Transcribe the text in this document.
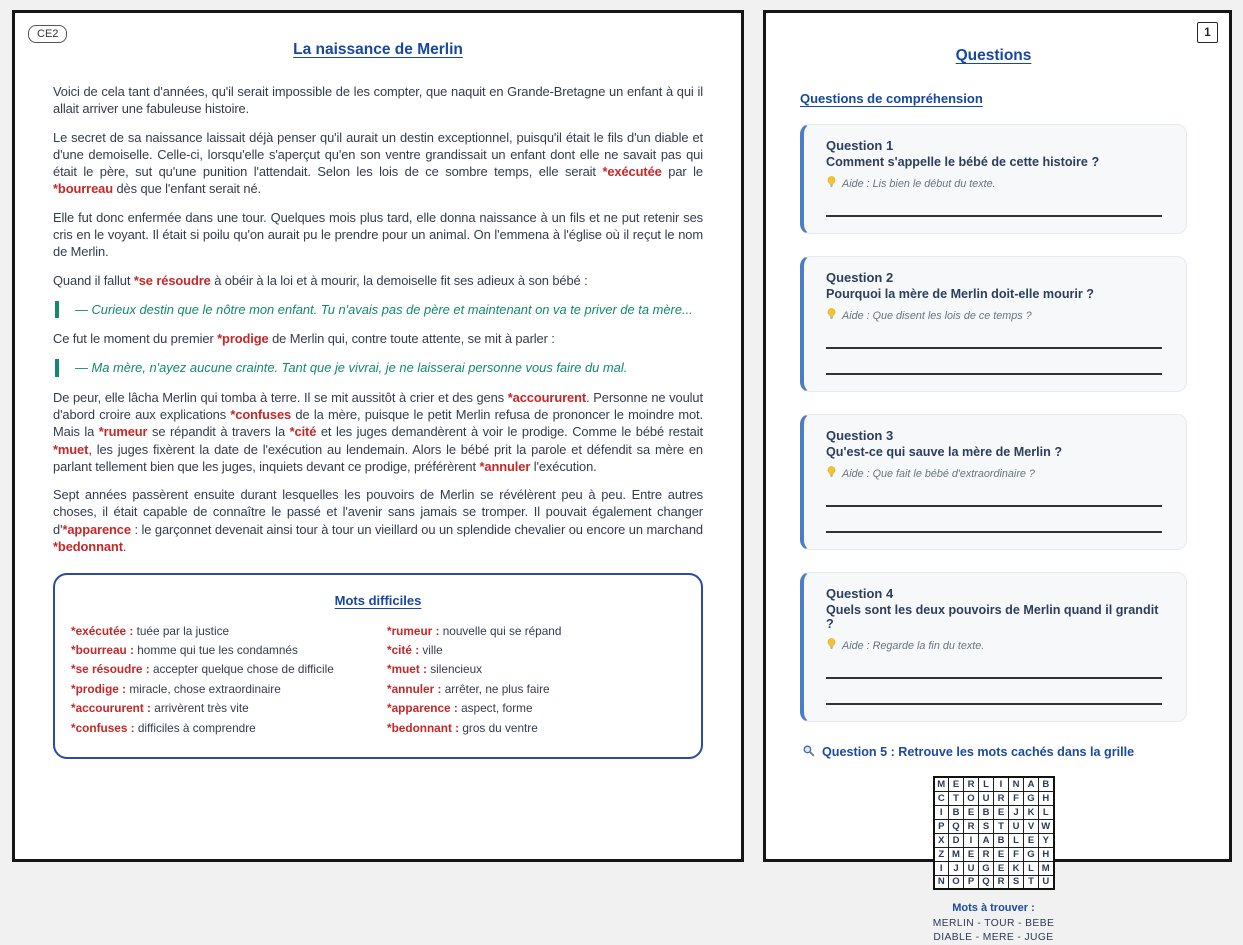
CE2
La naissance de Merlin
Voici de cela tant d'années, qu'il serait impossible de les compter, que naquit en Grande-Bretagne un enfant à qui il allait arriver une fabuleuse histoire.
Le secret de sa naissance laissait déjà penser qu'il aurait un destin exceptionnel, puisqu'il était le fils d'un diable et d'une demoiselle. Celle-ci, lorsqu'elle s'aperçut qu'en son ventre grandissait un enfant dont elle ne savait pas qui était le père, sut qu'une punition l'attendait. Selon les lois de ce sombre temps, elle serait *exécutée par le *bourreau dès que l'enfant serait né.
Elle fut donc enfermée dans une tour. Quelques mois plus tard, elle donna naissance à un fils et ne put retenir ses cris en le voyant. Il était si poilu qu'on aurait pu le prendre pour un animal. On l'emmena à l'église où il reçut le nom de Merlin.
Quand il fallut *se résoudre à obéir à la loi et à mourir, la demoiselle fit ses adieux à son bébé :
— Curieux destin que le nôtre mon enfant. Tu n'avais pas de père et maintenant on va te priver de ta mère...
Ce fut le moment du premier *prodige de Merlin qui, contre toute attente, se mit à parler :
— Ma mère, n'ayez aucune crainte. Tant que je vivrai, je ne laisserai personne vous faire du mal.
De peur, elle lâcha Merlin qui tomba à terre. Il se mit aussitôt à crier et des gens *accoururent. Personne ne voulut d'abord croire aux explications *confuses de la mère, puisque le petit Merlin refusa de prononcer le moindre mot. Mais la *rumeur se répandit à travers la *cité et les juges demandèrent à voir le prodige. Comme le bébé restait *muet, les juges fixèrent la date de l'exécution au lendemain. Alors le bébé prit la parole et défendit sa mère en parlant tellement bien que les juges, inquiets devant ce prodige, préférèrent *annuler l'exécution.
Sept années passèrent ensuite durant lesquelles les pouvoirs de Merlin se révélèrent peu à peu. Entre autres choses, il était capable de connaître le passé et l'avenir sans jamais se tromper. Il pouvait également changer d'*apparence : le garçonnet devenait ainsi tour à tour un vieillard ou un splendide chevalier ou encore un marchand *bedonnant.
Mots difficiles
*exécutée : tuée par la justice
*bourreau : homme qui tue les condamnés
*se résoudre : accepter quelque chose de difficile
*prodige : miracle, chose extraordinaire
*accoururent : arrivèrent très vite
*confuses : difficiles à comprendre
*rumeur : nouvelle qui se répand
*cité : ville
*muet : silencieux
*annuler : arrêter, ne plus faire
*apparence : aspect, forme
*bedonnant : gros du ventre
1
Questions
Questions de compréhension
Question 1
Comment s'appelle le bébé de cette histoire ?
Aide : Lis bien le début du texte.
Question 2
Pourquoi la mère de Merlin doit-elle mourir ?
Aide : Que disent les lois de ce temps ?
Question 3
Qu'est-ce qui sauve la mère de Merlin ?
Aide : Que fait le bébé d'extraordinaire ?
Question 4
Quels sont les deux pouvoirs de Merlin quand il grandit ?
Aide : Regarde la fin du texte.
Question 5 : Retrouve les mots cachés dans la grille
M	E	R	L	I	N	A	B
C	T	O	U	R	F	G	H
I	B	E	B	E	J	K	L
P	Q	R	S	T	U	V	W
X	D	I	A	B	L	E	Y
Z	M	E	R	E	F	G	H
I	J	U	G	E	K	L	M
N	O	P	Q	R	S	T	U
Mots à trouver :
MERLIN - TOUR - BEBE
DIABLE - MERE - JUGE
